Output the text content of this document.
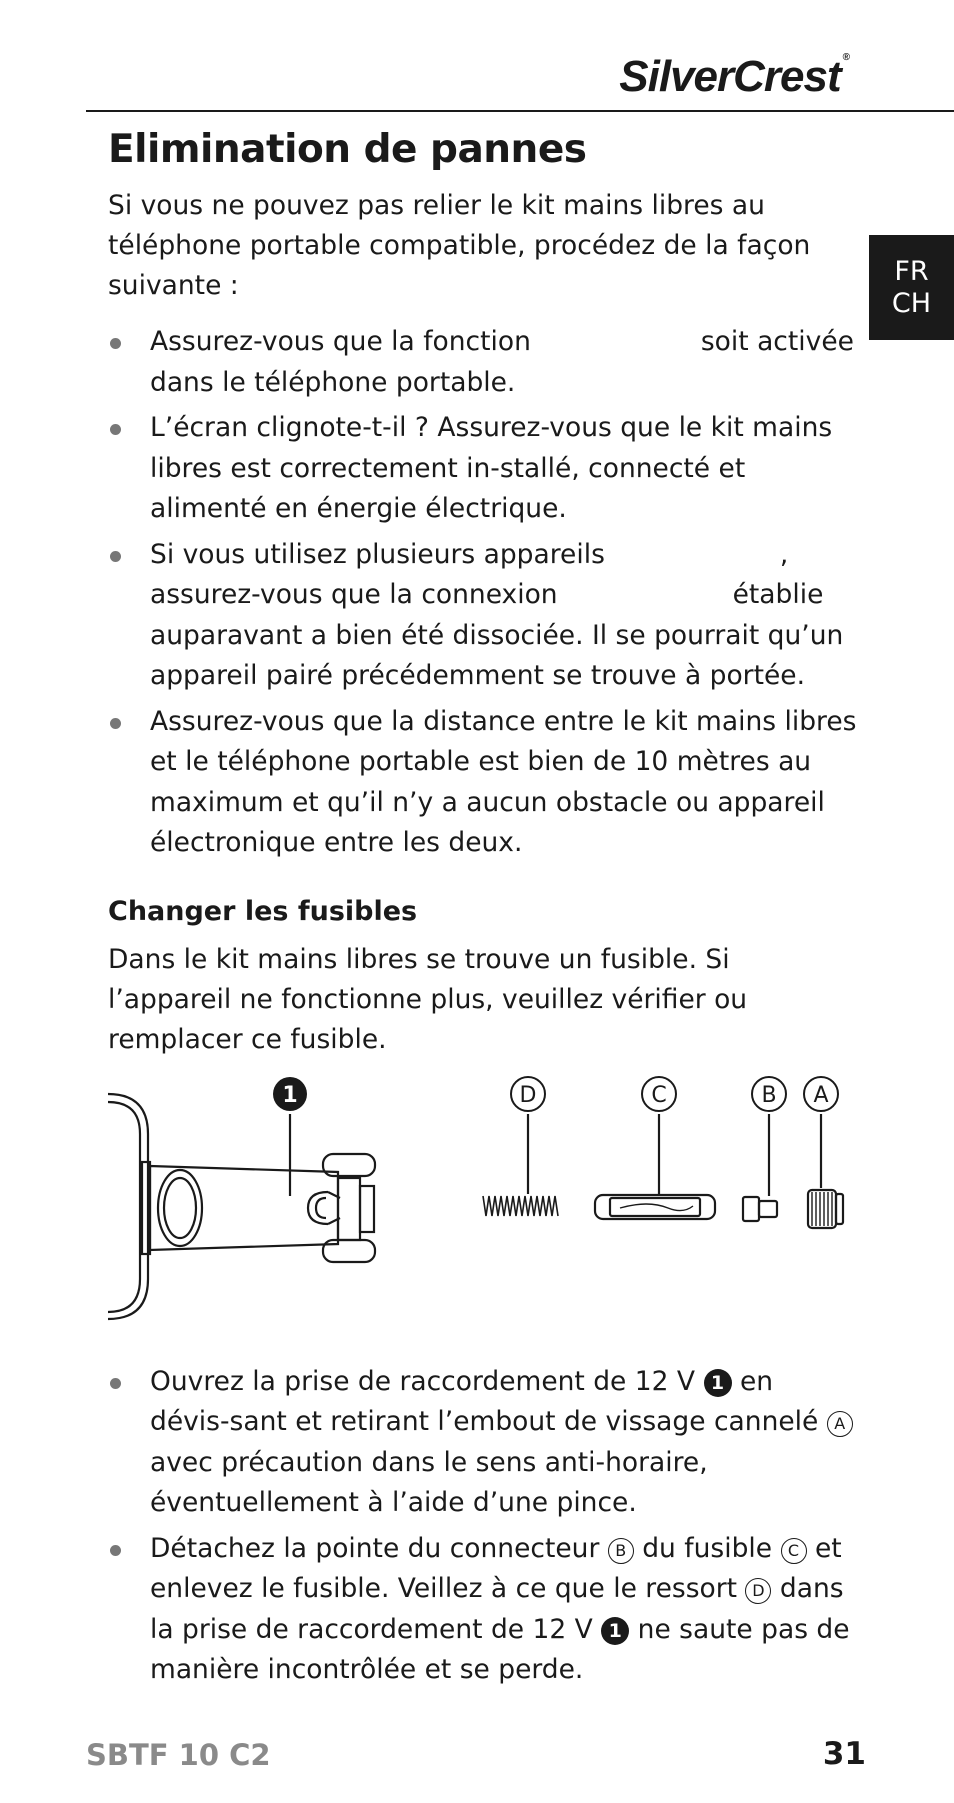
SilverCrest ®
FR
CH
Elimination de pannes

Si vous ne pouvez pas relier le kit mains libres au téléphone portable compatible, procédez de la façon suivante :

Assurez-vous que la fonction	soit activée dans le téléphone portable.
L’écran clignote-t-il ? Assurez-vous que le kit mains libres est correctement in-stallé, connecté et alimenté en énergie électrique.
Si vous utilisez plusieurs appareils	, assurez-vous que la connexion	établie auparavant a bien été dissociée. Il se pourrait qu’un appareil pairé précédemment se trouve à portée.
Assurez-vous que la distance entre le kit mains libres et le téléphone portable est bien de 10 mètres au maximum et qu’il n’y a aucun obstacle ou appareil électronique entre les deux.
Changer les fusibles

Dans le kit mains libres se trouve un fusible. Si l’appareil ne fonctionne plus, veuillez vérifier ou remplacer ce fusible.

1	D	C	B A
Ouvrez la prise de raccordement de 12 V 1 en dévis-sant et retirant l’embout de vissage cannelé A avec précaution dans le sens anti-horaire, éventuellement à l’aide d’une pince.
Détachez la pointe du connecteur B du fusible C et enlevez le fusible. Veillez à ce que le ressort D dans la prise de raccordement de 12 V 1 ne saute pas de manière incontrôlée et se perde.
SBTF 10 C2	31
